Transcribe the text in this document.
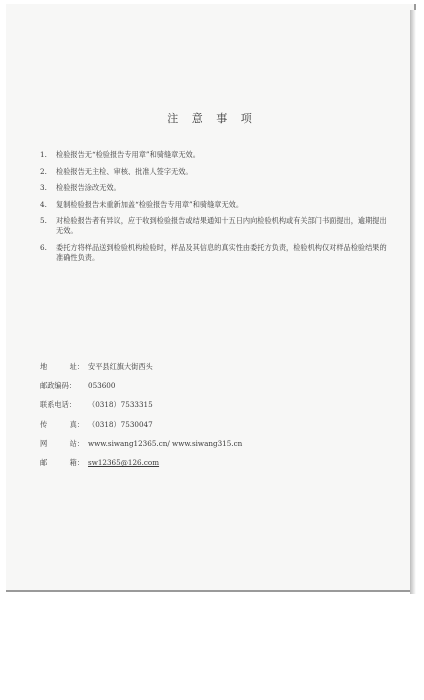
注 意 事 项
1.	检验报告无“检验报告专用章”和骑缝章无效。
2.	检验报告无主检、审核、批准人签字无效。
3.	检验报告涂改无效。
4.	复制检验报告未重新加盖“检验报告专用章”和骑缝章无效。
5.	对检验报告者有异议，应于收到检验报告或结果通知十五日内向检验机构或有关部门书面提出，逾期提出无效。
6.	委托方将样品送到检验机构检验时，样品及其信息的真实性由委托方负责，检验机构仅对样品检验结果的准确性负责。
地	址： 安平县红旗大街西头
邮政编码：	053600
联系电话：	（0318）7533315
传	真： （0318）7530047
网	站： www.siwang12365.cn/ www.siwang315.cn
邮	箱： sw12365@126.com
